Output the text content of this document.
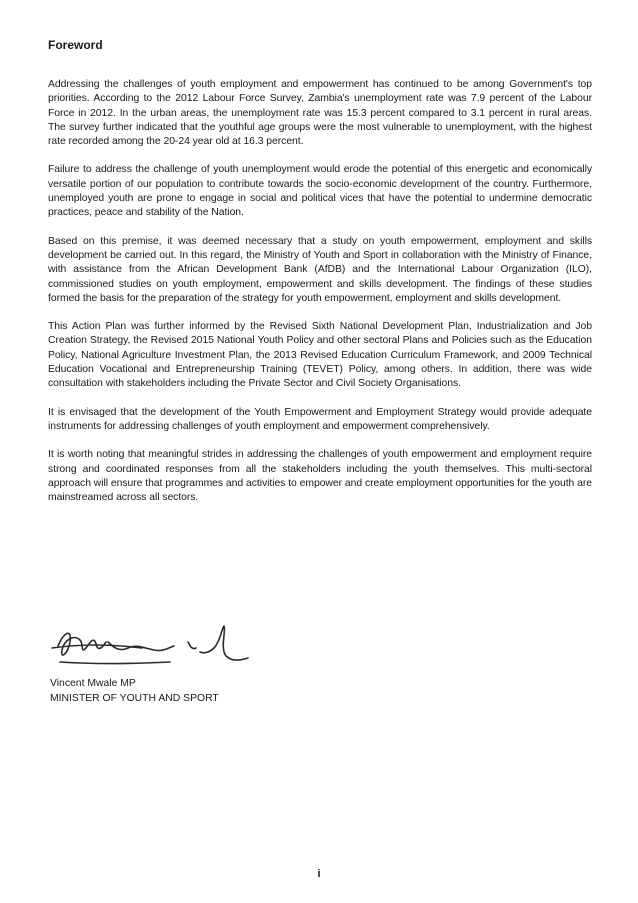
Foreword

Addressing the challenges of youth employment and empowerment has continued to be among Government's top priorities. According to the 2012 Labour Force Survey, Zambia's unemployment rate was 7.9 percent of the Labour Force in 2012. In the urban areas, the unemployment rate was 15.3 percent compared to 3.1 percent in rural areas. The survey further indicated that the youthful age groups were the most vulnerable to unemployment, with the highest rate recorded among the 20-24 year old at 16.3 percent.

Failure to address the challenge of youth unemployment would erode the potential of this energetic and economically versatile portion of our population to contribute towards the socio-economic development of the country. Furthermore, unemployed youth are prone to engage in social and political vices that have the potential to undermine democratic practices, peace and stability of the Nation.

Based on this premise, it was deemed necessary that a study on youth empowerment, employment and skills development be carried out. In this regard, the Ministry of Youth and Sport in collaboration with the Ministry of Finance, with assistance from the African Development Bank (AfDB) and the International Labour Organization (ILO), commissioned studies on youth employment, empowerment and skills development. The findings of these studies formed the basis for the preparation of the strategy for youth empowerment, employment and skills development.

This Action Plan was further informed by the Revised Sixth National Development Plan, Industrialization and Job Creation Strategy, the Revised 2015 National Youth Policy and other sectoral Plans and Policies such as the Education Policy, National Agriculture Investment Plan, the 2013 Revised Education Curriculum Framework, and 2009 Technical Education Vocational and Entrepreneurship Training (TEVET) Policy, among others. In addition, there was wide consultation with stakeholders including the Private Sector and Civil Society Organisations.

It is envisaged that the development of the Youth Empowerment and Employment Strategy would provide adequate instruments for addressing challenges of youth employment and empowerment comprehensively.

It is worth noting that meaningful strides in addressing the challenges of youth empowerment and employment require strong and coordinated responses from all the stakeholders including the youth themselves. This multi-sectoral approach will ensure that programmes and activities to empower and create employment opportunities for the youth are mainstreamed across all sectors.

Vincent Mwale MP
MINISTER OF YOUTH AND SPORT
i
